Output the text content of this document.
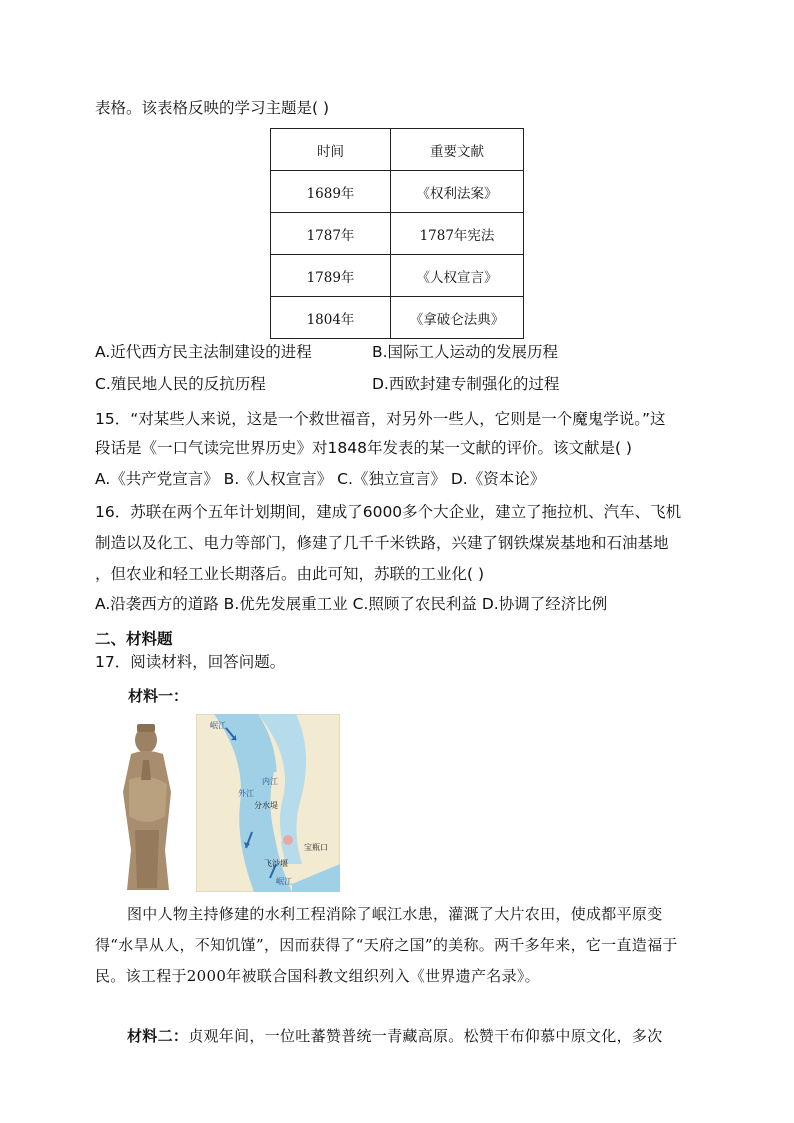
表格。该表格反映的学习主题是( )
时间	重要文献
1689年	《权利法案》
1787年	1787年宪法
1789年	《人权宣言》
1804年	《拿破仑法典》
A.近代西方民主法制建设的进程	B.国际工人运动的发展历程
C.殖民地人民的反抗历程	D.西欧封建专制强化的过程
15．“对某些人来说，这是一个救世福音，对另外一些人，它则是一个魔鬼学说。”这
段话是《一口气读完世界历史》对1848年发表的某一文献的评价。该文献是( )
A.《共产党宣言》 B.《人权宣言》 C.《独立宣言》 D.《资本论》
16．苏联在两个五年计划期间，建成了6000多个大企业，建立了拖拉机、汽车、飞机
制造以及化工、电力等部门，修建了几千千米铁路，兴建了钢铁煤炭基地和石油基地
，但农业和轻工业长期落后。由此可知，苏联的工业化( )
A.沿袭西方的道路 B.优先发展重工业 C.照顾了农民利益 D.协调了经济比例
二、材料题
17．阅读材料，回答问题。
材料一：
岷江
内江
外江
分水堤
宝瓶口
飞沙堰
岷江
图中人物主持修建的水利工程消除了岷江水患，灌溉了大片农田，使成都平原变得“水旱从人，不知饥馑”，因而获得了“天府之国”的美称。两千多年来，它一直造福于民。该工程于2000年被联合国科教文组织列入《世界遗产名录》。
材料二：贞观年间，一位吐蕃赞普统一青藏高原。松赞干布仰慕中原文化，多次
